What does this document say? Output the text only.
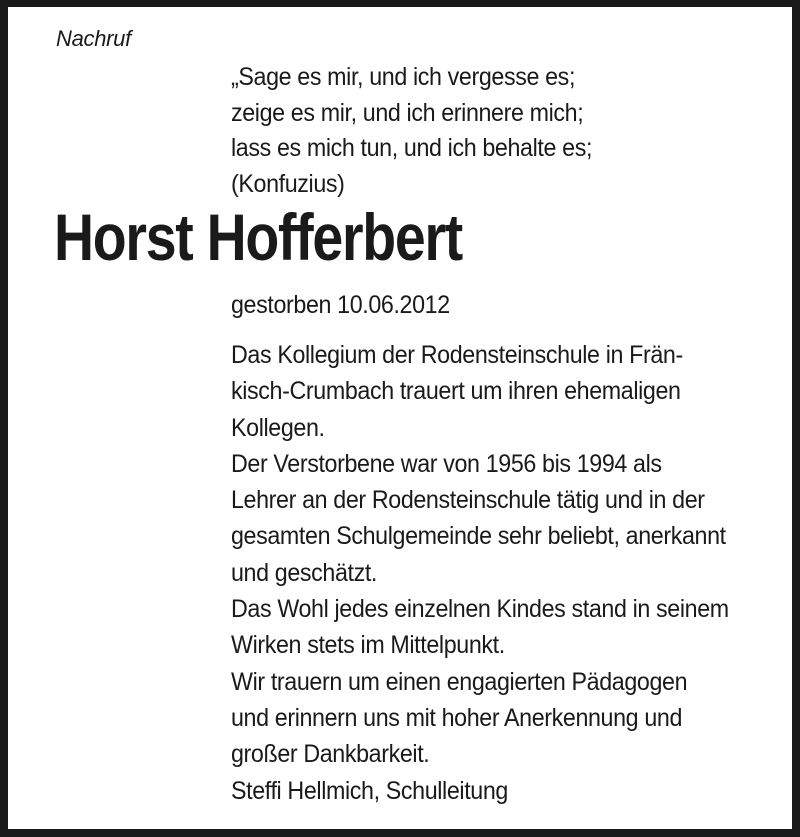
Nachruf
„Sage es mir, und ich vergesse es;
zeige es mir, und ich erinnere mich;
lass es mich tun, und ich behalte es;
(Konfuzius)
Horst Hofferbert
gestorben 10.06.2012
Das Kollegium der Rodensteinschule in Frän-
kisch-Crumbach trauert um ihren ehemaligen
Kollegen.
Der Verstorbene war von 1956 bis 1994 als
Lehrer an der Rodensteinschule tätig und in der
gesamten Schulgemeinde sehr beliebt, anerkannt
und geschätzt.
Das Wohl jedes einzelnen Kindes stand in seinem
Wirken stets im Mittelpunkt.
Wir trauern um einen engagierten Pädagogen
und erinnern uns mit hoher Anerkennung und
großer Dankbarkeit.
Steffi Hellmich, Schulleitung
